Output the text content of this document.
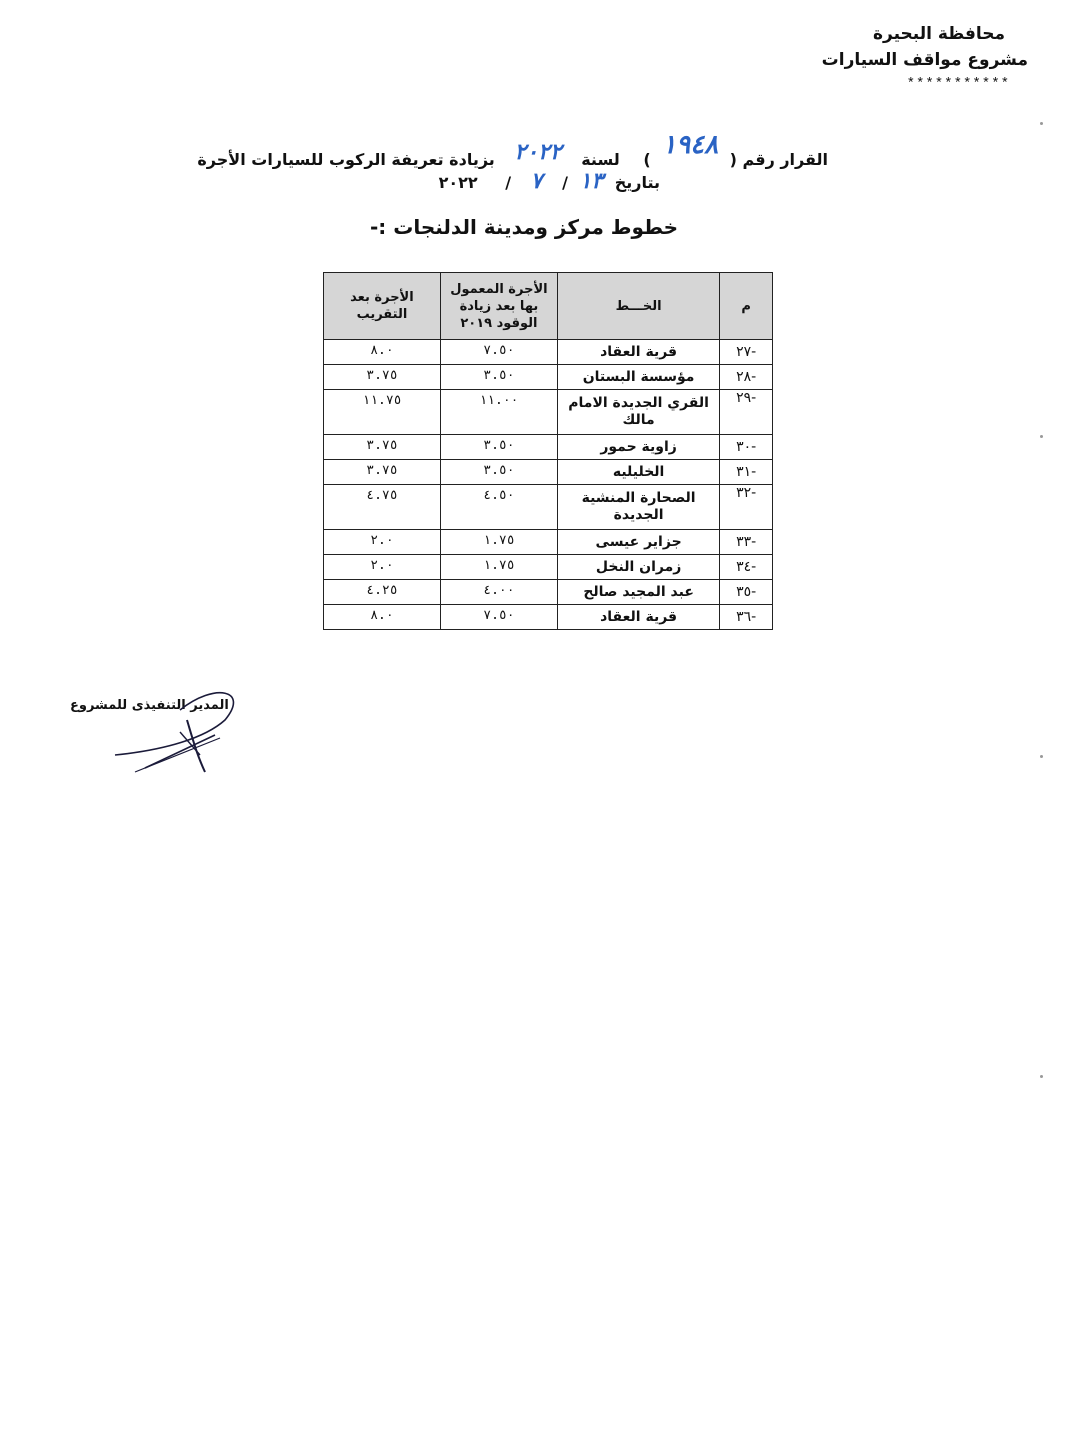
محافظة البحيرة
مشروع مواقف السيارات
***********
القرار رقم ( ١٩٤٨ ) لسنة ٢٠٢٢ بزيادة تعريفة الركوب للسيارات الأجرة
بتاريخ ١٣ / ٧ / ٢٠٢٢
خطوط مركز ومدينة الدلنجات :-
م	الخـــط	الأجرة المعمول بها بعد زيادة الوقود ٢٠١٩	الأجرة بعد التقريب
-٢٧	قرية العقاد	٧.٥٠	٨.٠
-٢٨	مؤسسة البستان	٣.٥٠	٣.٧٥
-٢٩	القري الجديدة الامام مالك	١١.٠٠	١١.٧٥
-٣٠	زاوية حمور	٣.٥٠	٣.٧٥
-٣١	الخليليه	٣.٥٠	٣.٧٥
-٣٢	الصحارة المنشية الجديدة	٤.٥٠	٤.٧٥
-٣٣	جزاير عيسى	١.٧٥	٢.٠
-٣٤	زمران النخل	١.٧٥	٢.٠
-٣٥	عبد المجيد صالح	٤.٠٠	٤.٢٥
-٣٦	قرية العقاد	٧.٥٠	٨.٠
المدير التنفيذى للمشروع
